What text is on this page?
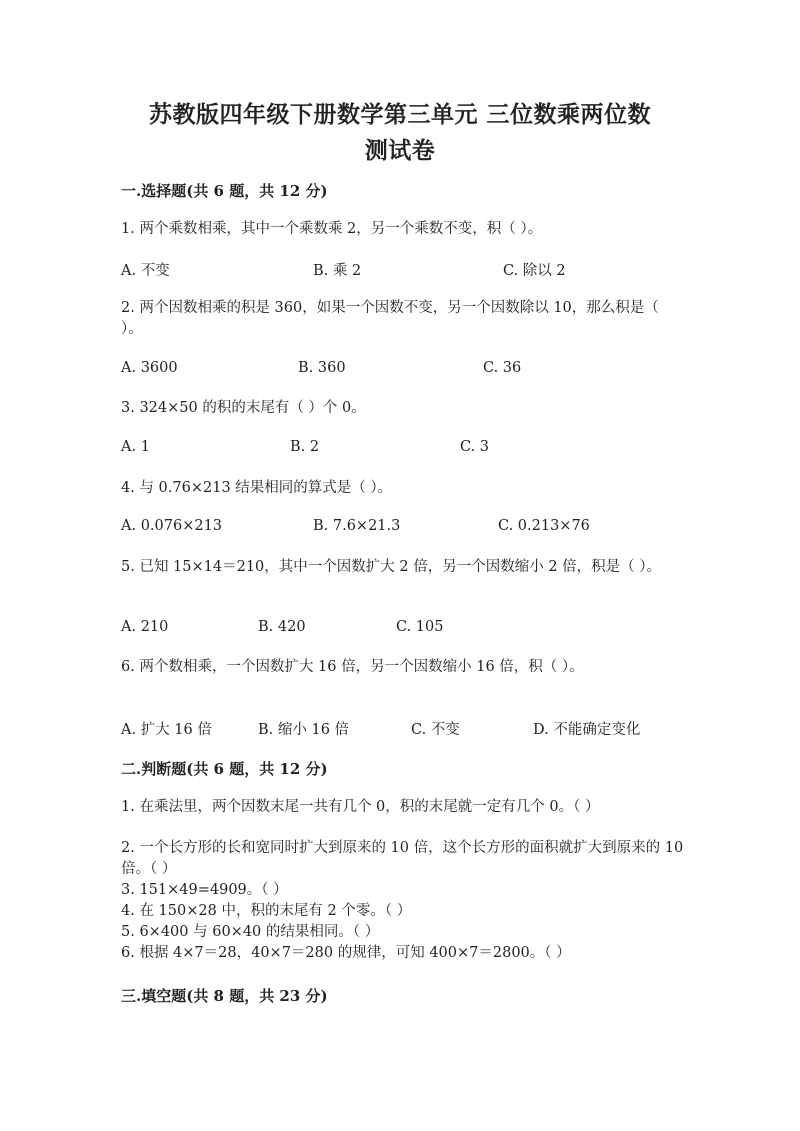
苏教版四年级下册数学第三单元 三位数乘两位数
测试卷
一.选择题(共 6 题，共 12 分)
1. 两个乘数相乘，其中一个乘数乘 2，另一个乘数不变，积（ ）。
A. 不变	B. 乘 2	C. 除以 2
2. 两个因数相乘的积是 360，如果一个因数不变，另一个因数除以 10，那么积是（ ）。
A. 3600	B. 360	C. 36
3. 324×50 的积的末尾有（ ）个 0。
A. 1	B. 2	C. 3
4. 与 0.76×213 结果相同的算式是（ ）。
A. 0.076×213	B. 7.6×21.3	C. 0.213×76
5. 已知 15×14＝210，其中一个因数扩大 2 倍，另一个因数缩小 2 倍，积是（ ）。
A. 210	B. 420	C. 105
6. 两个数相乘，一个因数扩大 16 倍，另一个因数缩小 16 倍，积（ ）。
A. 扩大 16 倍	B. 缩小 16 倍	C. 不变	D. 不能确定变化
二.判断题(共 6 题，共 12 分)
1. 在乘法里，两个因数末尾一共有几个 0，积的末尾就一定有几个 0。（ ）
2. 一个长方形的长和宽同时扩大到原来的 10 倍，这个长方形的面积就扩大到原来的 10 倍。（ ）
3. 151×49=4909。（ ）
4. 在 150×28 中，积的末尾有 2 个零。（ ）
5. 6×400 与 60×40 的结果相同。（ ）
6. 根据 4×7＝28，40×7＝280 的规律，可知 400×7＝2800。（ ）
三.填空题(共 8 题，共 23 分)
